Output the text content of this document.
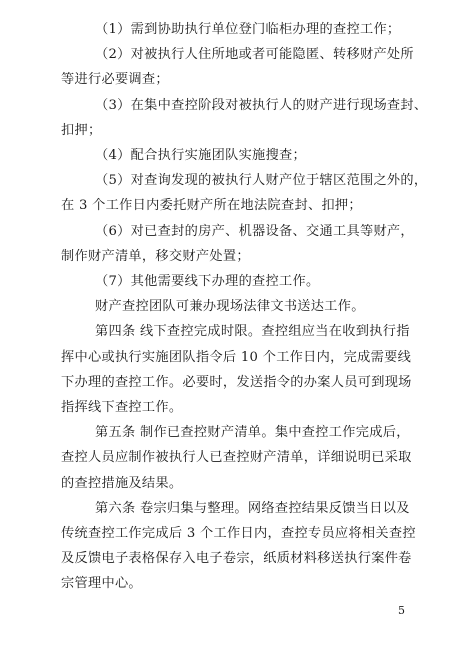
（1）需到协助执行单位登门临柜办理的查控工作；
（2）对被执行人住所地或者可能隐匿、转移财产处所
等进行必要调查；
（3）在集中查控阶段对被执行人的财产进行现场查封、
扣押；
（4）配合执行实施团队实施搜查；
（5）对查询发现的被执行人财产位于辖区范围之外的，
在 3 个工作日内委托财产所在地法院查封、扣押；
（6）对已查封的房产、机器设备、交通工具等财产，
制作财产清单，移交财产处置；
（7）其他需要线下办理的查控工作。
财产查控团队可兼办现场法律文书送达工作。
第四条 线下查控完成时限。查控组应当在收到执行指
挥中心或执行实施团队指令后 10 个工作日内，完成需要线
下办理的查控工作。必要时，发送指令的办案人员可到现场
指挥线下查控工作。
第五条 制作已查控财产清单。集中查控工作完成后，
查控人员应制作被执行人已查控财产清单，详细说明已采取
的查控措施及结果。
第六条 卷宗归集与整理。网络查控结果反馈当日以及
传统查控工作完成后 3 个工作日内，查控专员应将相关查控
及反馈电子表格保存入电子卷宗，纸质材料移送执行案件卷
宗管理中心。
5
